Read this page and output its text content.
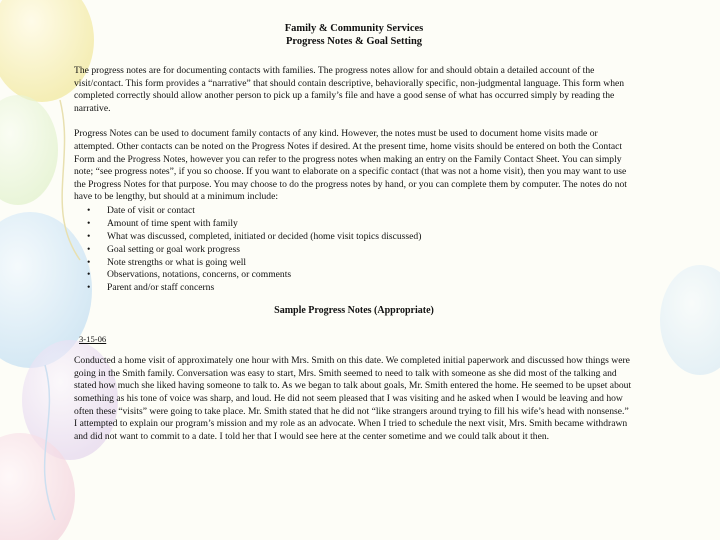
Family & Community Services

Progress Notes & Goal Setting

The progress notes are for documenting contacts with families. The progress notes allow for and should obtain a detailed account of the visit/contact. This form provides a “narrative” that should contain descriptive, behaviorally specific, non-judgmental language. This form when completed correctly should allow another person to pick up a family’s file and have a good sense of what has occurred simply by reading the narrative.

Progress Notes can be used to document family contacts of any kind. However, the notes must be used to document home visits made or attempted. Other contacts can be noted on the Progress Notes if desired. At the present time, home visits should be entered on both the Contact Form and the Progress Notes, however you can refer to the progress notes when making an entry on the Family Contact Sheet. You can simply note; “see progress notes”, if you so choose. If you want to elaborate on a specific contact (that was not a home visit), then you may want to use the Progress Notes for that purpose. You may choose to do the progress notes by hand, or you can complete them by computer. The notes do not have to be lengthy, but should at a minimum include:

• Date of visit or contact
• Amount of time spent with family
• What was discussed, completed, initiated or decided (home visit topics discussed)
• Goal setting or goal work progress
• Note strengths or what is going well
• Observations, notations, concerns, or comments
• Parent and/or staff concerns

Sample Progress Notes (Appropriate)

3-15-06

Conducted a home visit of approximately one hour with Mrs. Smith on this date. We completed initial paperwork and discussed how things were going in the Smith family. Conversation was easy to start, Mrs. Smith seemed to need to talk with someone as she did most of the talking and stated how much she liked having someone to talk to. As we began to talk about goals, Mr. Smith entered the home. He seemed to be upset about something as his tone of voice was sharp, and loud. He did not seem pleased that I was visiting and he asked when I would be leaving and how often these “visits” were going to take place. Mr. Smith stated that he did not “like strangers around trying to fill his wife’s head with nonsense.” I attempted to explain our program’s mission and my role as an advocate. When I tried to schedule the next visit, Mrs. Smith became withdrawn and did not want to commit to a date. I told her that I would see here at the center sometime and we could talk about it then.
